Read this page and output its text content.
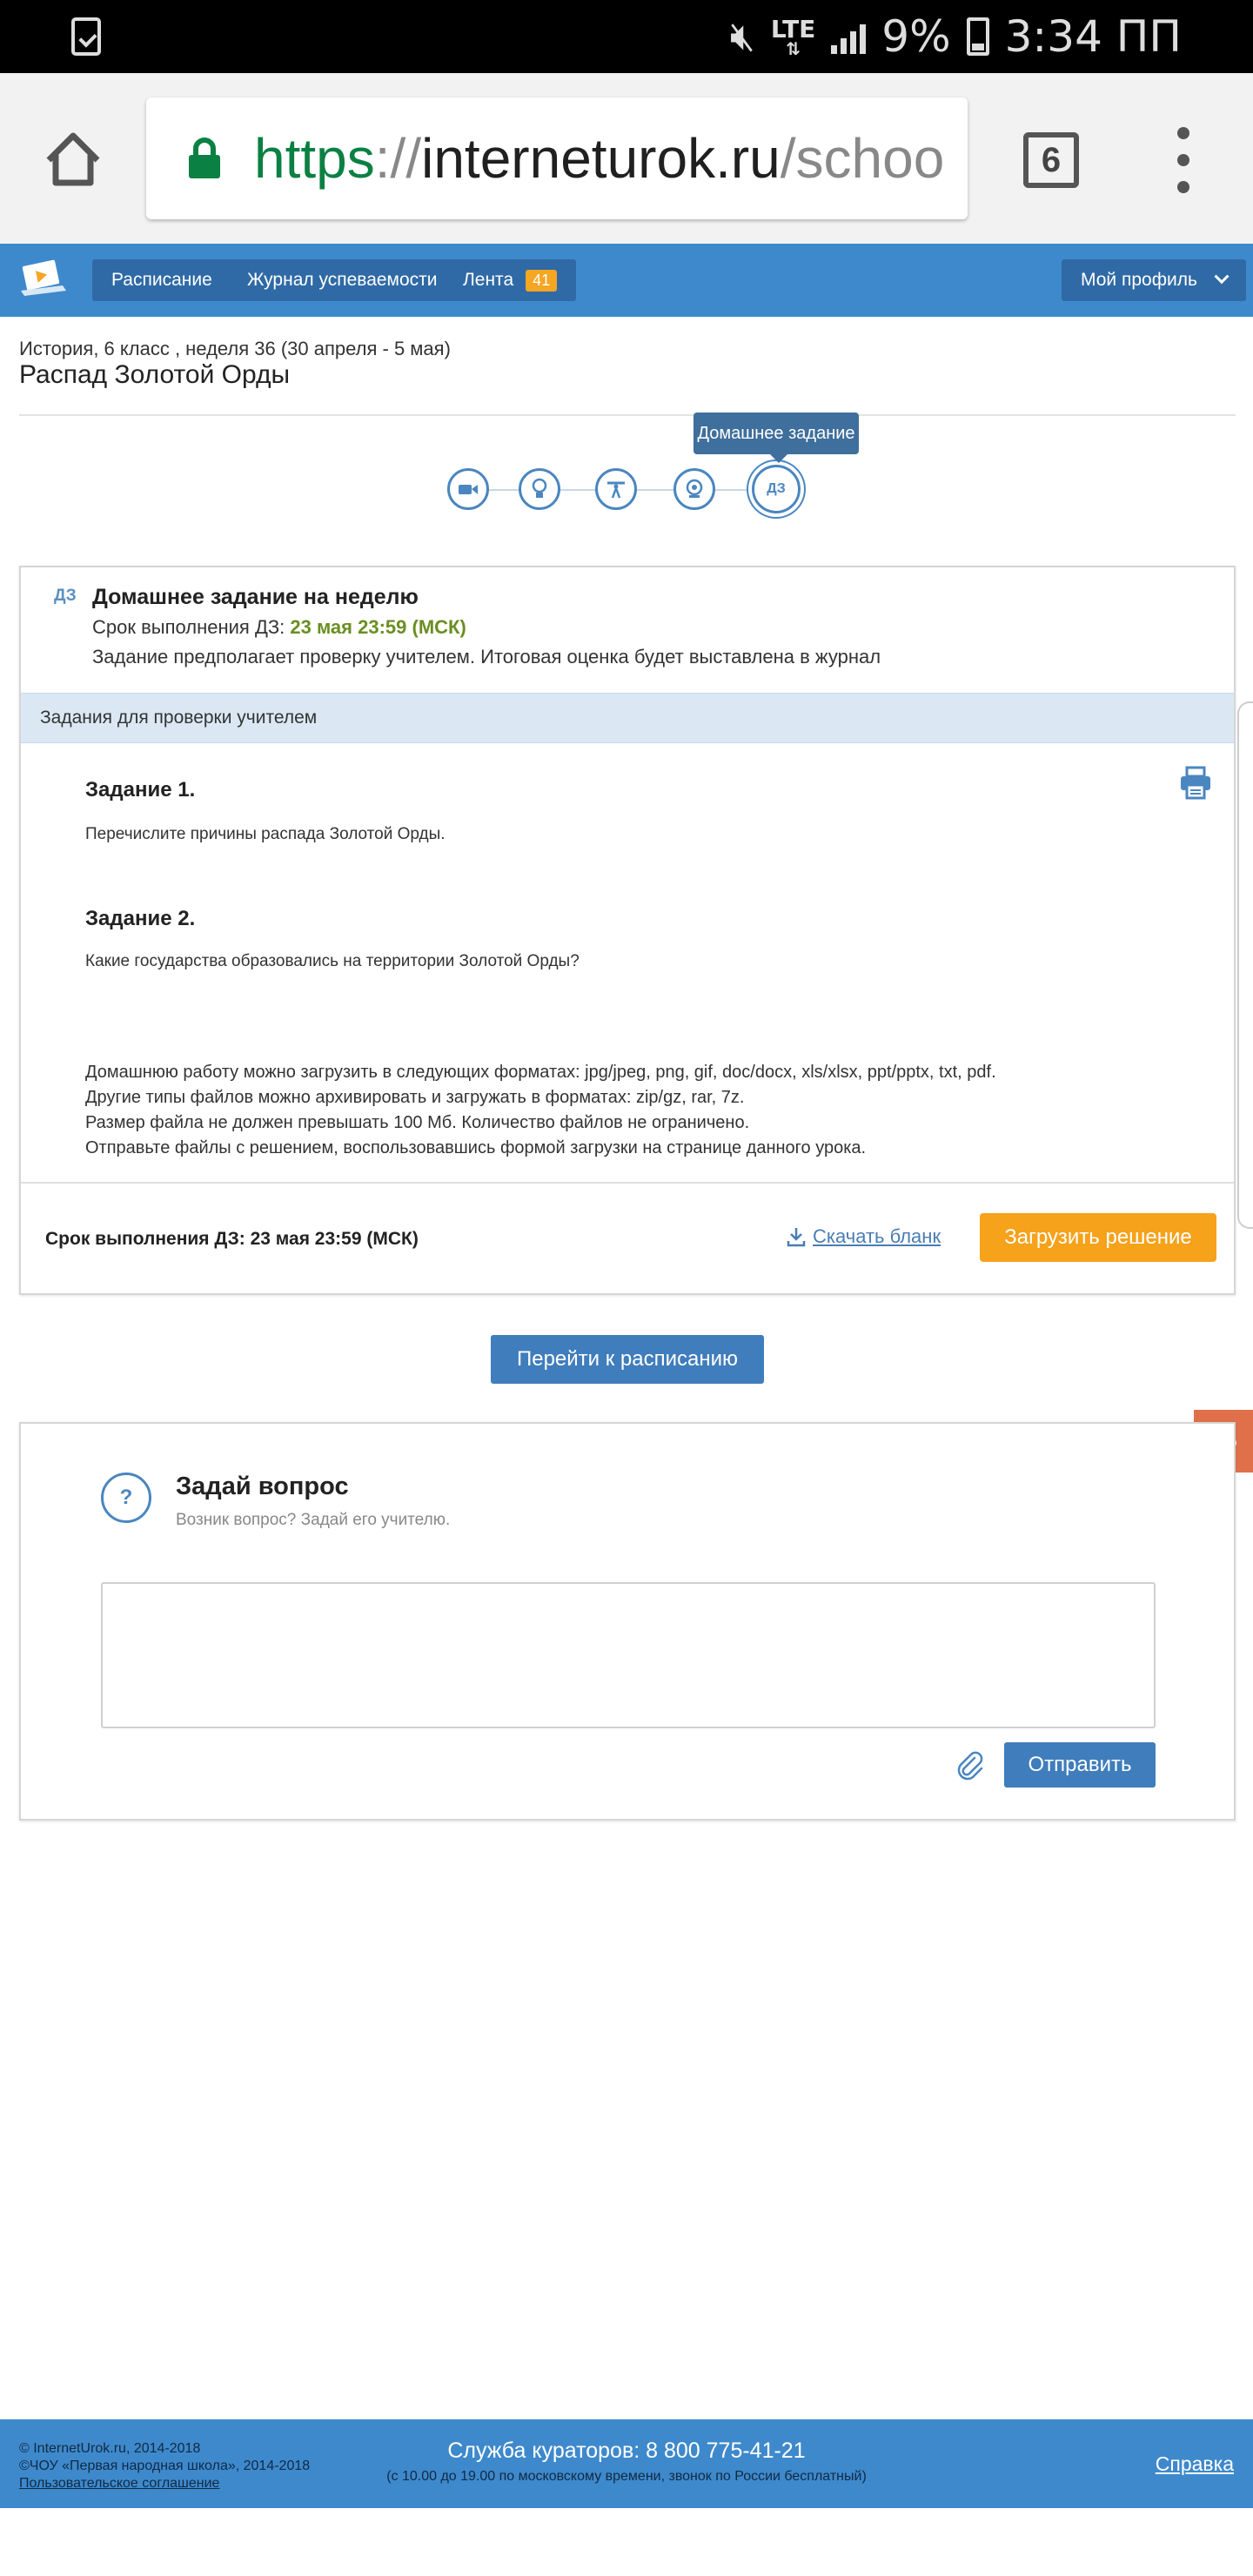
🔇︎ LTE
⇅ 9% 3:34 ПП
https://interneturok.ru/schoo	6
Расписание Журнал успеваемости Лента	41	Мой профиль
История, 6 класс , неделя 36 (30 апреля - 5 мая)
Распад Золотой Орды
ДЗ
Домашнее задание
ДЗ Домашнее задание на неделю
Срок выполнения ДЗ: 23 мая 23:59 (МСК)
Задание предполагает проверку учителем. Итоговая оценка будет выставлена в журнал
Задания для проверки учителем
Задание 1.
Перечислите причины распада Золотой Орды.
Задание 2.
Какие государства образовались на территории Золотой Орды?
Домашнюю работу можно загрузить в следующих форматах: jpg/jpeg, png, gif, doc/docx, xls/xlsx, ppt/pptx, txt, pdf.
Другие типы файлов можно архивировать и загружать в форматах: zip/gz, rar, 7z.
Размер файла не должен превышать 100 Мб. Количество файлов не ограничено.
Отправьте файлы с решением, воспользовавшись формой загрузки на странице данного урока.
Срок выполнения ДЗ: 23 мая 23:59 (МСК)	Скачать бланк	Загрузить решение
Перейти к расписанию
?	Задай вопрос
Возник вопрос? Задай его учителю.
Отправить
© InternetUrok.ru, 2014-2018
©ЧОУ «Первая народная школа», 2014-2018
Пользовательское соглашение
Служба кураторов: 8 800 775-41-21
(с 10.00 до 19.00 по московскому времени, звонок по России бесплатный)
Справка
